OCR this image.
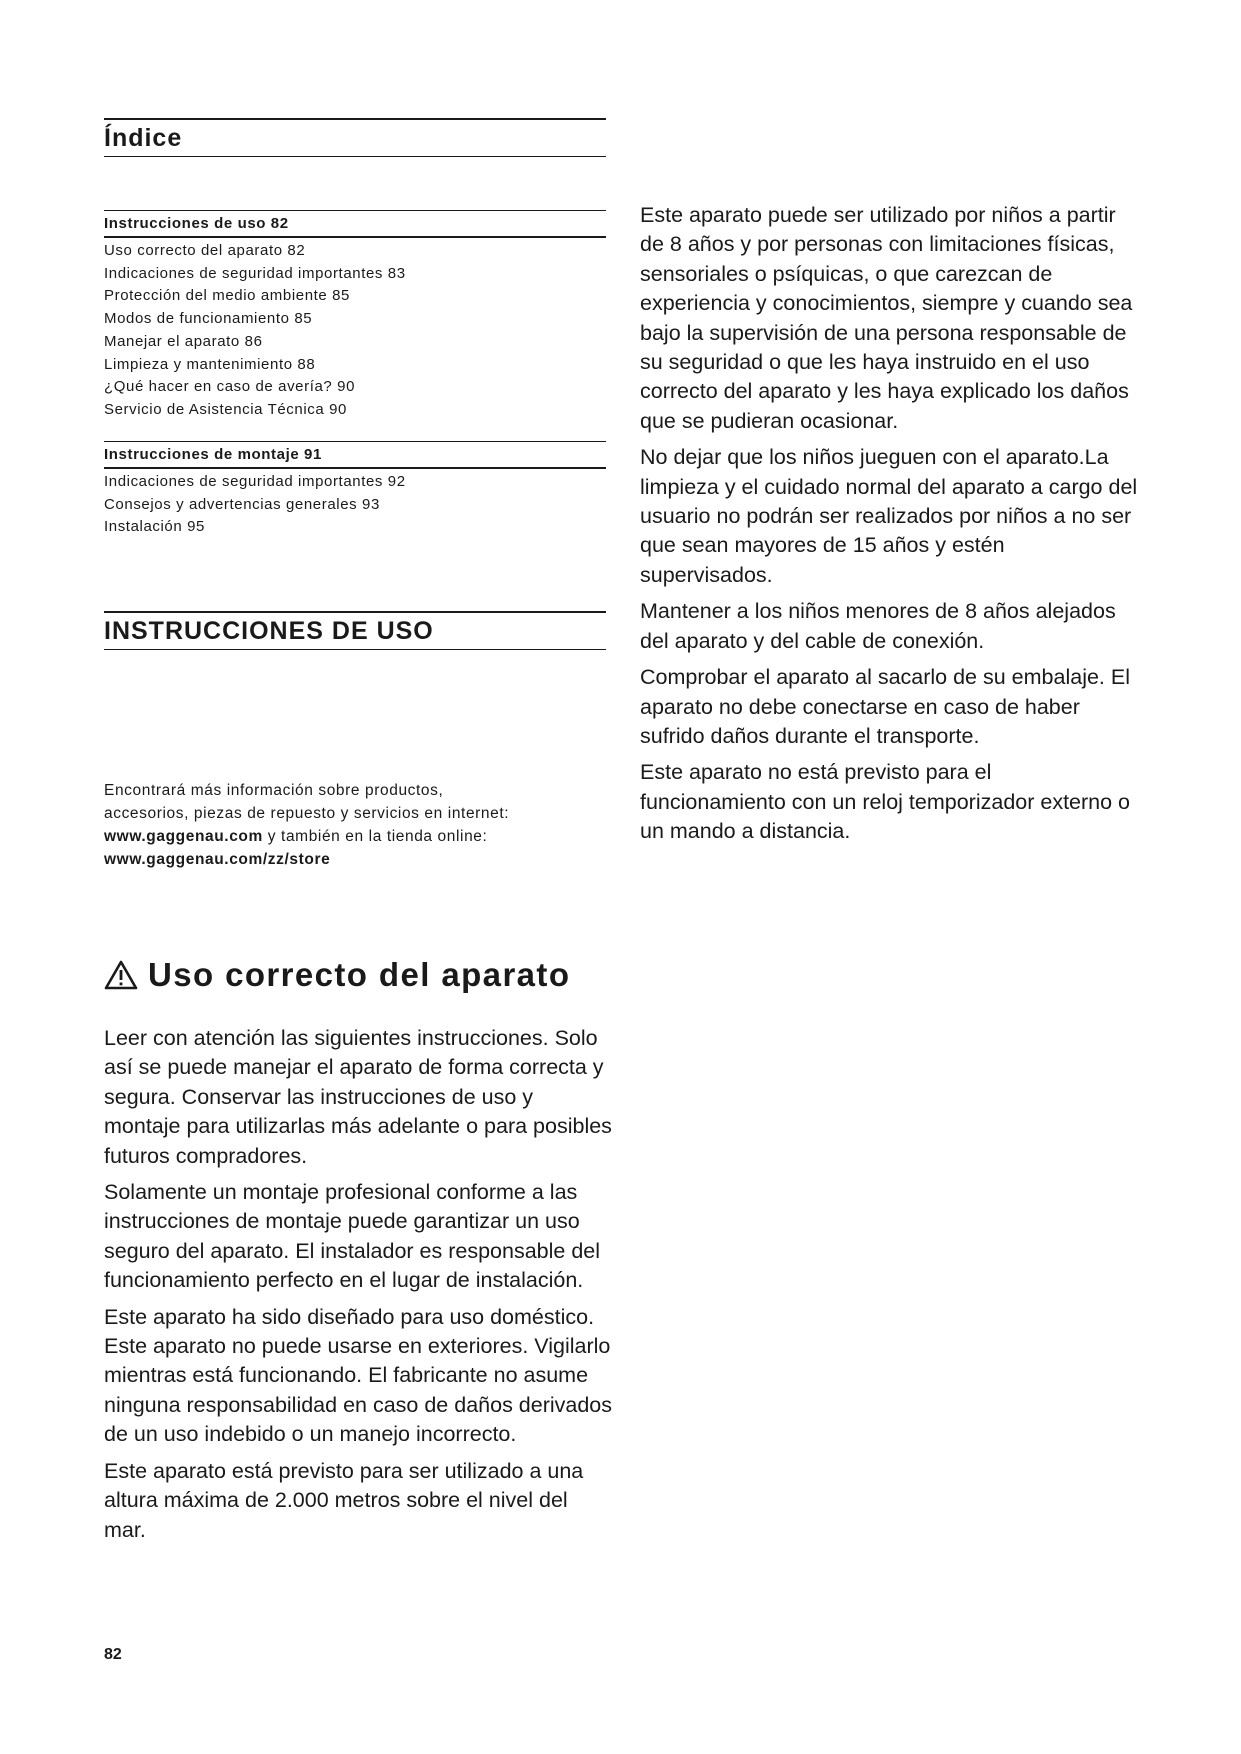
Índice
Instrucciones de uso 82
Uso correcto del aparato 82
Indicaciones de seguridad importantes 83
Protección del medio ambiente 85
Modos de funcionamiento 85
Manejar el aparato 86
Limpieza y mantenimiento 88
¿Qué hacer en caso de avería? 90
Servicio de Asistencia Técnica 90
Instrucciones de montaje 91
Indicaciones de seguridad importantes 92
Consejos y advertencias generales 93
Instalación 95
INSTRUCCIONES DE USO
Encontrará más información sobre productos,
accesorios, piezas de repuesto y servicios en internet:
www.gaggenau.com y también en la tienda online:
www.gaggenau.com/zz/store
Uso correcto del aparato

Leer con atención las siguientes instrucciones. Solo así se puede manejar el aparato de forma correcta y segura. Conservar las instrucciones de uso y montaje para utilizarlas más adelante o para posibles futuros compradores.

Solamente un montaje profesional conforme a las instrucciones de montaje puede garantizar un uso seguro del aparato. El instalador es responsable del funcionamiento perfecto en el lugar de instalación.

Este aparato ha sido diseñado para uso doméstico. Este aparato no puede usarse en exteriores. Vigilarlo mientras está funcionando. El fabricante no asume ninguna responsabilidad en caso de daños derivados de un uso indebido o un manejo incorrecto.

Este aparato está previsto para ser utilizado a una altura máxima de 2.000 metros sobre el nivel del mar.

Este aparato puede ser utilizado por niños a partir de 8 años y por personas con limitaciones físicas, sensoriales o psíquicas, o que carezcan de experiencia y conocimientos, siempre y cuando sea bajo la supervisión de una persona responsable de su seguridad o que les haya instruido en el uso correcto del aparato y les haya explicado los daños que se pudieran ocasionar.

No dejar que los niños jueguen con el aparato.La limpieza y el cuidado normal del aparato a cargo del usuario no podrán ser realizados por niños a no ser que sean mayores de 15 años y estén supervisados.

Mantener a los niños menores de 8 años alejados del aparato y del cable de conexión.

Comprobar el aparato al sacarlo de su embalaje. El aparato no debe conectarse en caso de haber sufrido daños durante el transporte.

Este aparato no está previsto para el funcionamiento con un reloj temporizador externo o un mando a distancia.

82
